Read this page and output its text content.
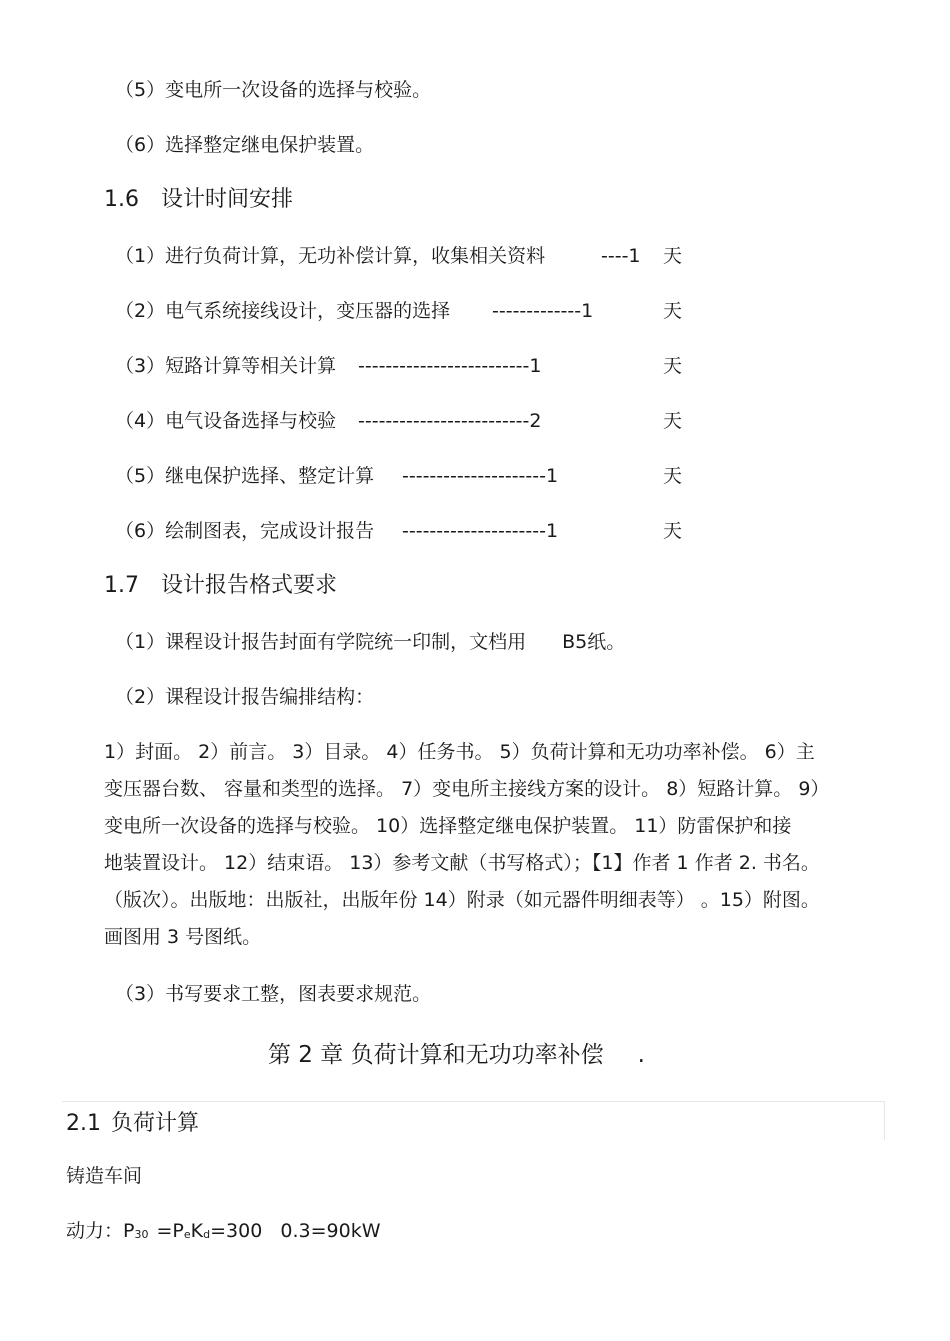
（5）变电所一次设备的选择与校验。
（6）选择整定继电保护装置。
1.6 设计时间安排
（1）进行负荷计算，无功补偿计算，收集相关资料	----1 天
（2）电气系统接线设计，变压器的选择 -------------1	天
（3）短路计算等相关计算 -------------------------1	天
（4）电气设备选择与校验 -------------------------2	天
（5）继电保护选择、整定计算 ---------------------1	天
（6）绘制图表，完成设计报告 ---------------------1	天
1.7 设计报告格式要求
（1）课程设计报告封面有学院统一印制，文档用 B5纸。
（2）课程设计报告编排结构：
1）封面。 2）前言。 3）目录。 4）任务书。 5）负荷计算和无功功率补偿。 6）主
变压器台数、 容量和类型的选择。 7）变电所主接线方案的设计。 8）短路计算。 9）
变电所一次设备的选择与校验。 10）选择整定继电保护装置。 11）防雷保护和接
地装置设计。 12）结束语。 13）参考文献（书写格式）；【1】作者 1 作者 2. 书名。
（版次）。出版地：出版社，出版年份 14）附录（如元器件明细表等） 。15）附图。
画图用 3 号图纸。
（3）书写要求工整，图表要求规范。
第 2 章 负荷计算和无功功率补偿 .
2.1 负荷计算
铸造车间
动力：$P_{30} =P_eK_d=300$   0.3=90kW
